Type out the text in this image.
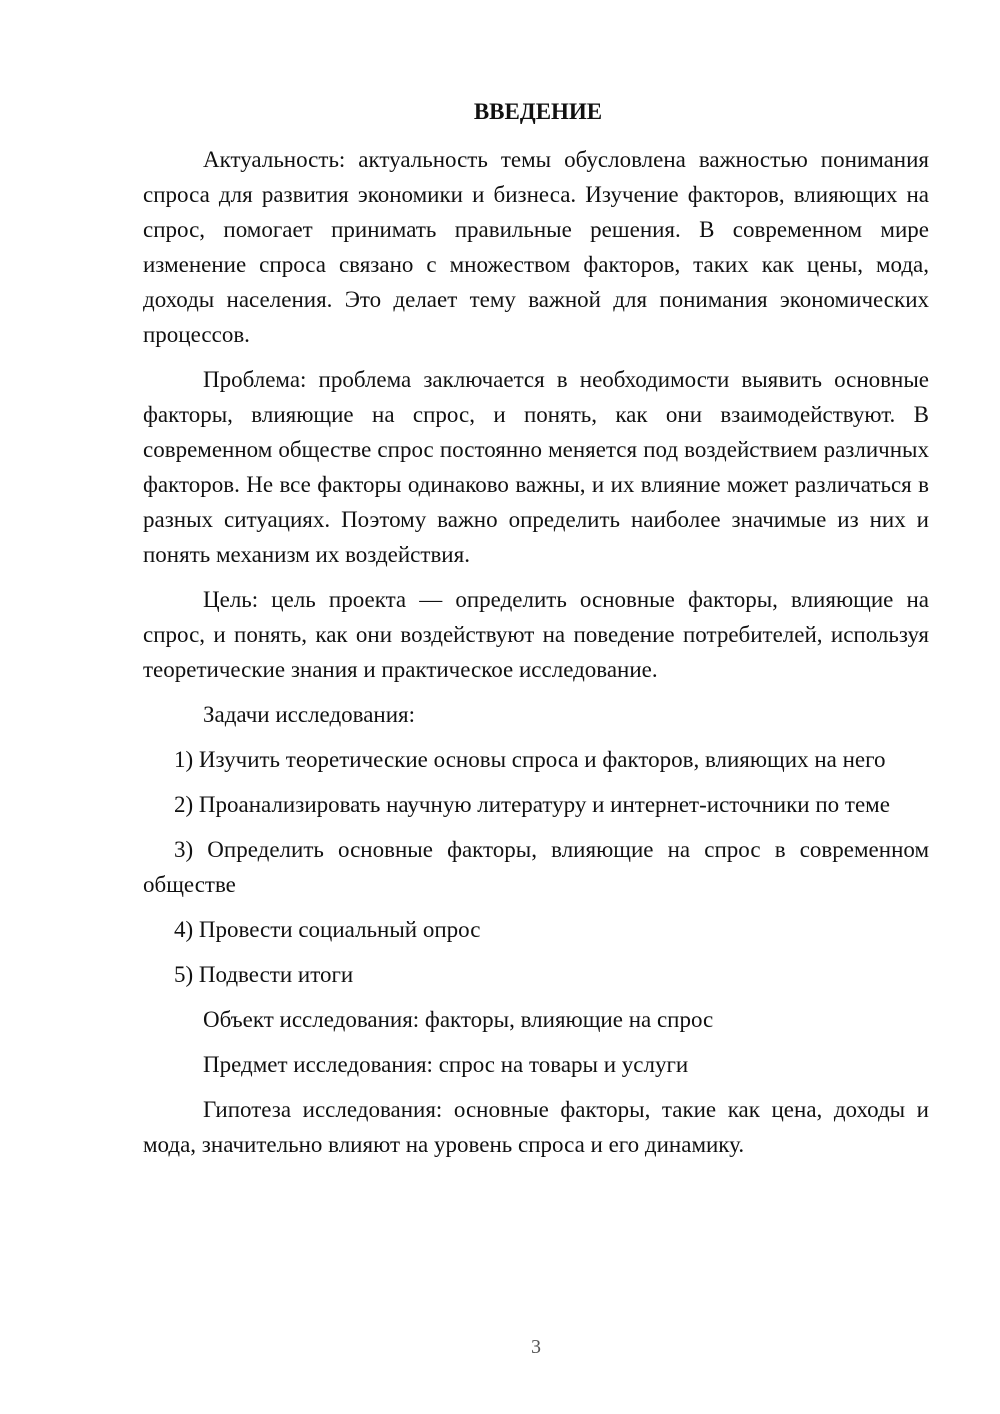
ВВЕДЕНИЕ

Актуальность: актуальность темы обусловлена важностью понимания спроса для развития экономики и бизнеса. Изучение факторов, влияющих на спрос, помогает принимать правильные решения. В современном мире изменение спроса связано с множеством факторов, таких как цены, мода, доходы населения. Это делает тему важной для понимания экономических процессов.

Проблема: проблема заключается в необходимости выявить основные факторы, влияющие на спрос, и понять, как они взаимодействуют. В современном обществе спрос постоянно меняется под воздействием различных факторов. Не все факторы одинаково важны, и их влияние может различаться в разных ситуациях. Поэтому важно определить наиболее значимые из них и понять механизм их воздействия.

Цель: цель проекта — определить основные факторы, влияющие на спрос, и понять, как они воздействуют на поведение потребителей, используя теоретические знания и практическое исследование.

Задачи исследования:

1) Изучить теоретические основы спроса и факторов, влияющих на него

2) Проанализировать научную литературу и интернет-источники по теме

3) Определить основные факторы, влияющие на спрос в современном обществе

4) Провести социальный опрос

5) Подвести итоги

Объект исследования: факторы, влияющие на спрос

Предмет исследования: спрос на товары и услуги

Гипотеза исследования: основные факторы, такие как цена, доходы и мода, значительно влияют на уровень спроса и его динамику.

3
